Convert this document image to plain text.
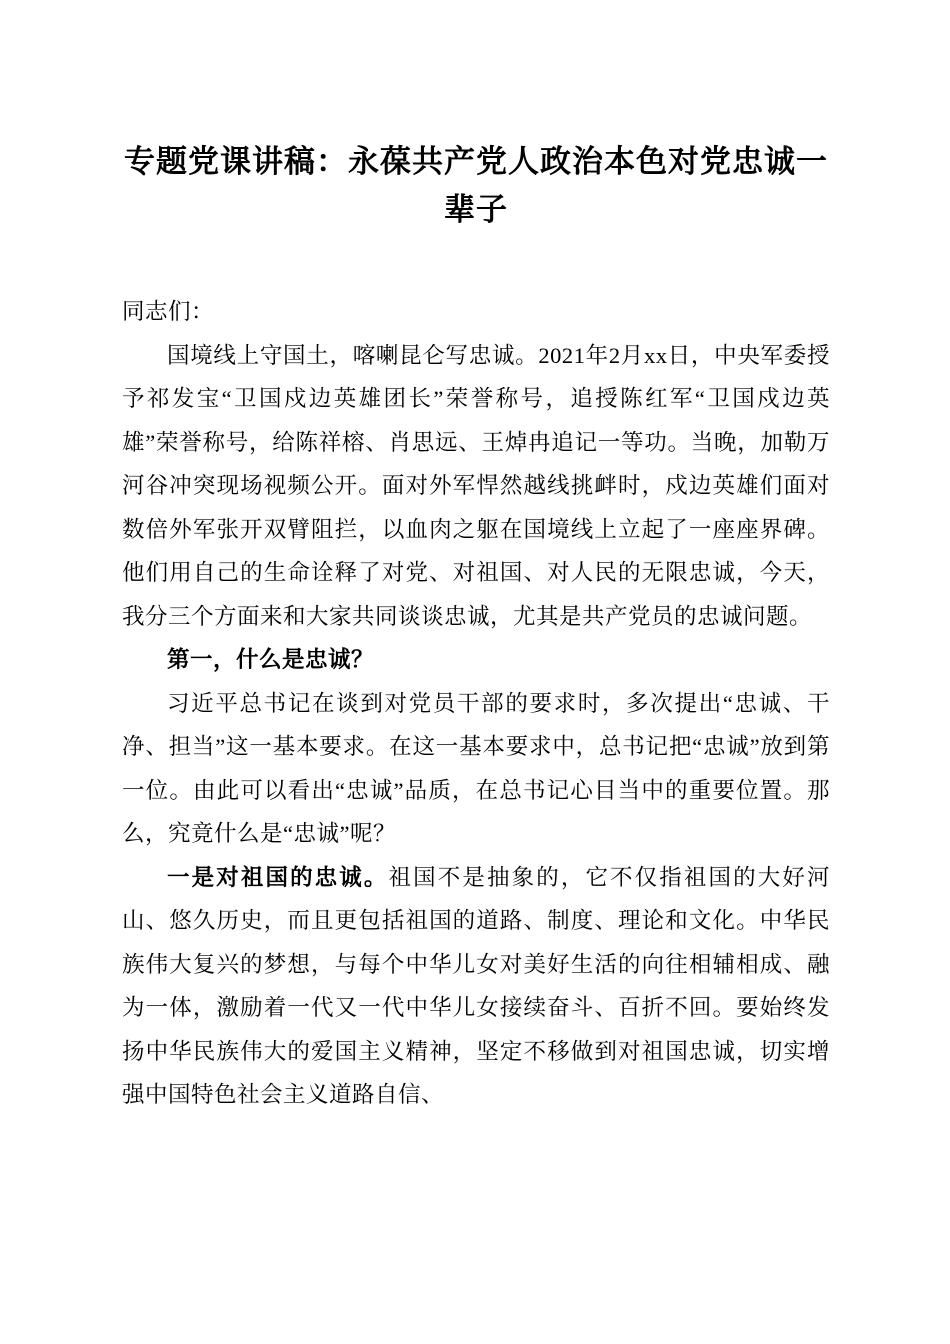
专题党课讲稿：永葆共产党人政治本色对党忠诚一辈子

同志们：

国境线上守国土，喀喇昆仑写忠诚。2021年2月xx日，中央军委授予祁发宝“卫国戍边英雄团长”荣誉称号，追授陈红军“卫国戍边英雄”荣誉称号，给陈祥榕、肖思远、王焯冉追记一等功。当晚，加勒万河谷冲突现场视频公开。面对外军悍然越线挑衅时，戍边英雄们面对数倍外军张开双臂阻拦，以血肉之躯在国境线上立起了一座座界碑。他们用自己的生命诠释了对党、对祖国、对人民的无限忠诚，今天，我分三个方面来和大家共同谈谈忠诚，尤其是共产党员的忠诚问题。

第一，什么是忠诚？

习近平总书记在谈到对党员干部的要求时，多次提出“忠诚、干净、担当”这一基本要求。在这一基本要求中，总书记把“忠诚”放到第一位。由此可以看出“忠诚”品质，在总书记心目当中的重要位置。那么，究竟什么是“忠诚”呢？

一是对祖国的忠诚。祖国不是抽象的，它不仅指祖国的大好河山、悠久历史，而且更包括祖国的道路、制度、理论和文化。中华民族伟大复兴的梦想，与每个中华儿女对美好生活的向往相辅相成、融为一体，激励着一代又一代中华儿女接续奋斗、百折不回。要始终发扬中华民族伟大的爱国主义精神，坚定不移做到对祖国忠诚，切实增强中国特色社会主义道路自信、
